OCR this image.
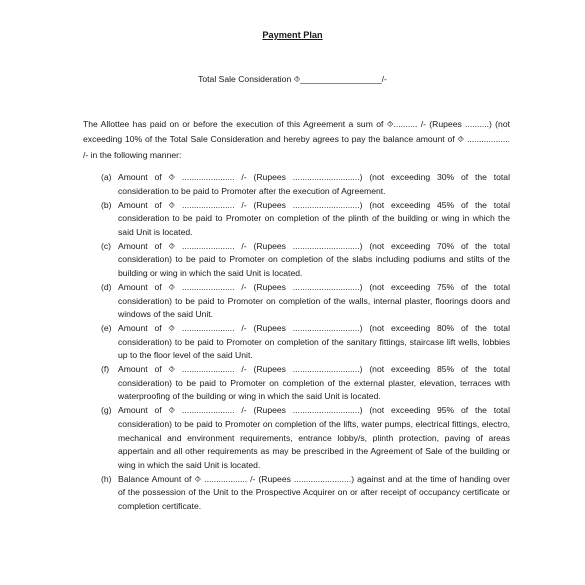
Payment Plan
Total Sale Consideration ⯑_________________/-
The Allottee has paid on or before the execution of this Agreement a sum of ⯑.......... /- (Rupees ..........) (not exceeding 10% of the Total Sale Consideration and hereby agrees to pay the balance amount of ⯑ .................. /- in the following manner:
(a) Amount of ⯑ ...................... /- (Rupees ............................) (not exceeding 30% of the total consideration to be paid to Promoter after the execution of Agreement.
(b) Amount of ⯑ ...................... /- (Rupees ............................) (not exceeding 45% of the total consideration to be paid to Promoter on completion of the plinth of the building or wing in which the said Unit is located.
(c) Amount of ⯑ ...................... /- (Rupees ............................) (not exceeding 70% of the total consideration) to be paid to Promoter on completion of the slabs including podiums and stilts of the building or wing in which the said Unit is located.
(d) Amount of ⯑ ...................... /- (Rupees ............................) (not exceeding 75% of the total consideration) to be paid to Promoter on completion of the walls, internal plaster, floorings doors and windows of the said Unit.
(e) Amount of ⯑ ...................... /- (Rupees ............................) (not exceeding 80% of the total consideration) to be paid to Promoter on completion of the sanitary fittings, staircase lift wells, lobbies up to the floor level of the said Unit.
(f)	Amount of ⯑ ...................... /- (Rupees ............................) (not exceeding 85% of the total consideration) to be paid to Promoter on completion of the external plaster, elevation, terraces with waterproofing of the building or wing in which the said Unit is located.
(g) Amount of ⯑ ...................... /- (Rupees ............................) (not exceeding 95% of the total consideration) to be paid to Promoter on completion of the lifts, water pumps, electrical fittings, electro, mechanical and environment requirements, entrance lobby/s, plinth protection, paving of areas appertain and all other requirements as may be prescribed in the Agreement of Sale of the building or wing in which the said Unit is located.
(h) Balance Amount of ⯑ .................. /- (Rupees ........................) against and at the time of handing over of the possession of the Unit to the Prospective Acquirer on or after receipt of occupancy certificate or completion certificate.
